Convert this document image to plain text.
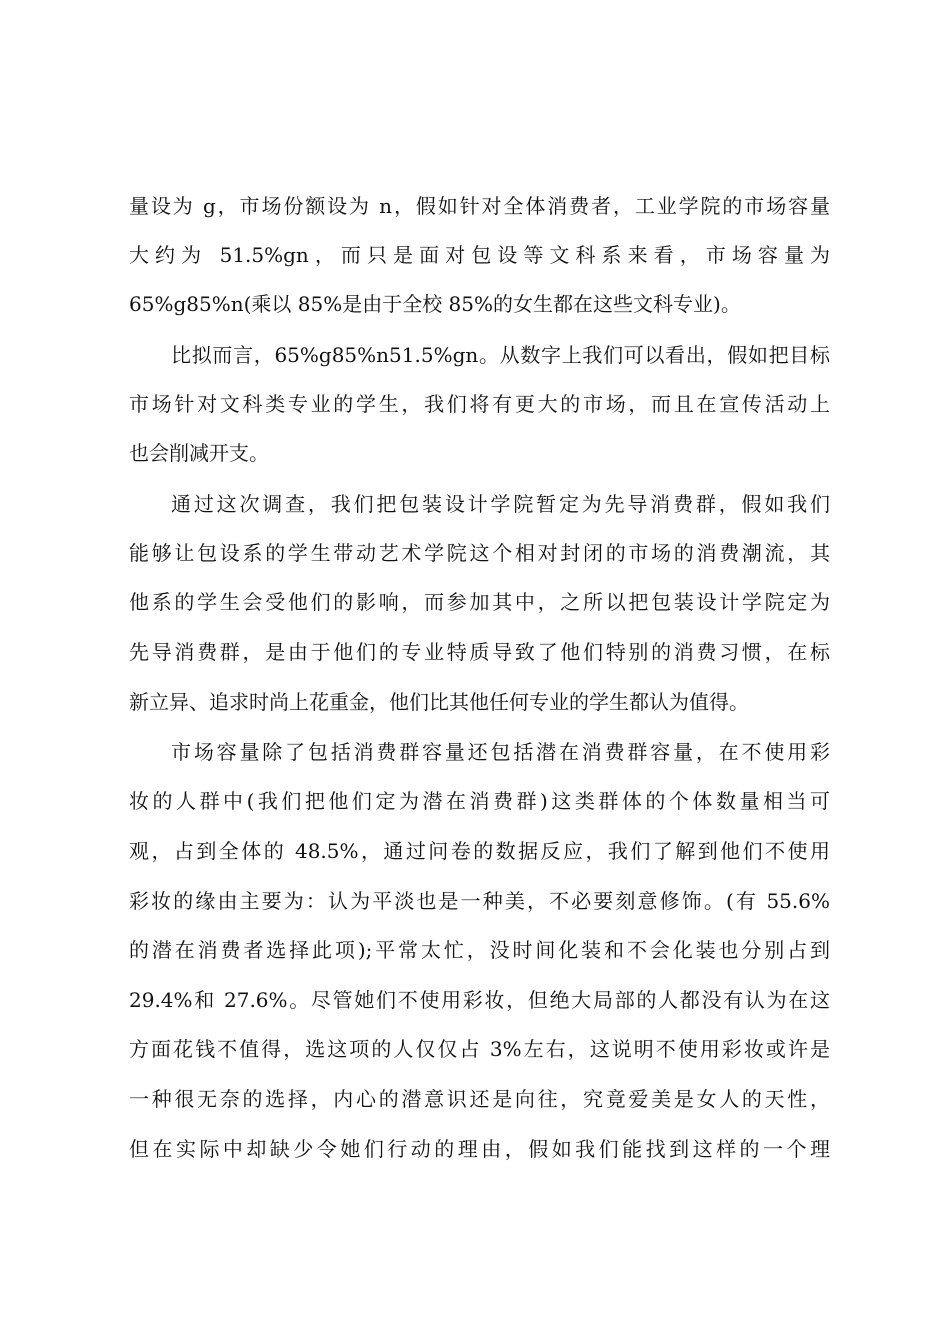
量设为 g，市场份额设为 n，假如针对全体消费者，工业学院的市场容量
大约为 51.5%gn，而只是面对包设等文科系来看，市场容量为
65%g85%n(乘以 85%是由于全校 85%的女生都在这些文科专业)。
比拟而言，65%g85%n51.5%gn。从数字上我们可以看出，假如把目标
市场针对文科类专业的学生，我们将有更大的市场，而且在宣传活动上
也会削减开支。
通过这次调查，我们把包装设计学院暂定为先导消费群，假如我们
能够让包设系的学生带动艺术学院这个相对封闭的市场的消费潮流，其
他系的学生会受他们的影响，而参加其中，之所以把包装设计学院定为
先导消费群，是由于他们的专业特质导致了他们特别的消费习惯，在标
新立异、追求时尚上花重金，他们比其他任何专业的学生都认为值得。
市场容量除了包括消费群容量还包括潜在消费群容量，在不使用彩
妆的人群中(我们把他们定为潜在消费群)这类群体的个体数量相当可
观，占到全体的 48.5%，通过问卷的数据反应，我们了解到他们不使用
彩妆的缘由主要为：认为平淡也是一种美，不必要刻意修饰。(有 55.6%
的潜在消费者选择此项);平常太忙，没时间化装和不会化装也分别占到
29.4%和 27.6%。尽管她们不使用彩妆，但绝大局部的人都没有认为在这
方面花钱不值得，选这项的人仅仅占 3%左右，这说明不使用彩妆或许是
一种很无奈的选择，内心的潜意识还是向往，究竟爱美是女人的天性，
但在实际中却缺少令她们行动的理由，假如我们能找到这样的一个理
